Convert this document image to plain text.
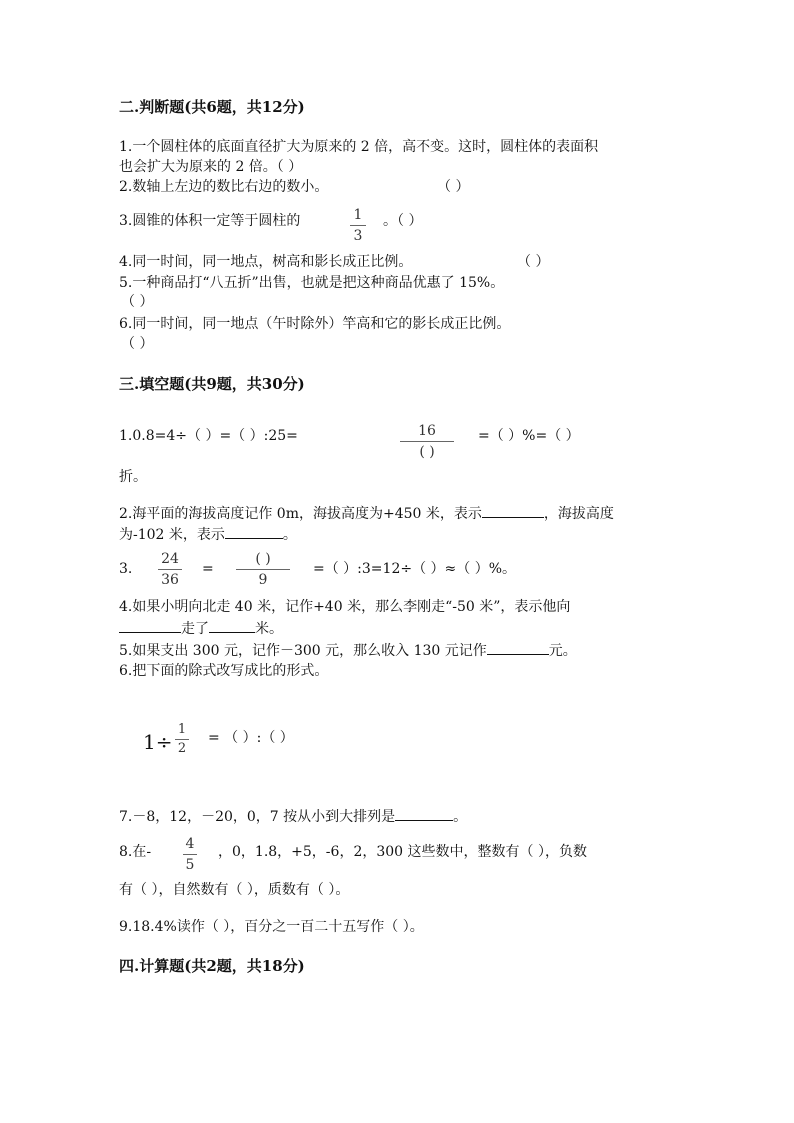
二.判断题(共6题，共12分)
1.一个圆柱体的底面直径扩大为原来的 2 倍，高不变。这时，圆柱体的表面积
也会扩大为原来的 2 倍。（ ）
2.数轴上左边的数比右边的数小。	（ ）
3.圆锥的体积一定等于圆柱的	1
3
。（ ）
4.同一时间，同一地点，树高和影长成正比例。	（ ）
5.一种商品打“八五折”出售，也就是把这种商品优惠了 15%。
（ ）
6.同一时间，同一地点（午时除外）竿高和它的影长成正比例。
（ ）
三.填空题(共9题，共30分)
1.0.8=4÷（ ）=（ ）:25=	16
( )
=（ ）%=（ ）
折。
2.海平面的海拔高度记作 0m，海拔高度为+450 米，表示	，海拔高度
为-102 米，表示	。
3.
24
36
=
( )
9
=（ ）:3=12÷（ ）≈（ ）%。
4.如果小明向北走 40 米，记作+40 米，那么李刚走“-50 米”，表示他向
走了	米。
5.如果支出 300 元，记作－300 元，那么收入 130 元记作	元。
6.把下面的除式改写成比的形式。
1÷
1
2
= （ ）:（ ）
7.－8，12，－20，0，7 按从小到大排列是	。
8.在- 4
5
，0，1.8，+5，-6，2，300 这些数中，整数有（ ），负数
有（ ），自然数有（ ），质数有（ ）。
9.18.4%读作（ ），百分之一百二十五写作（ ）。
四.计算题(共2题，共18分)
